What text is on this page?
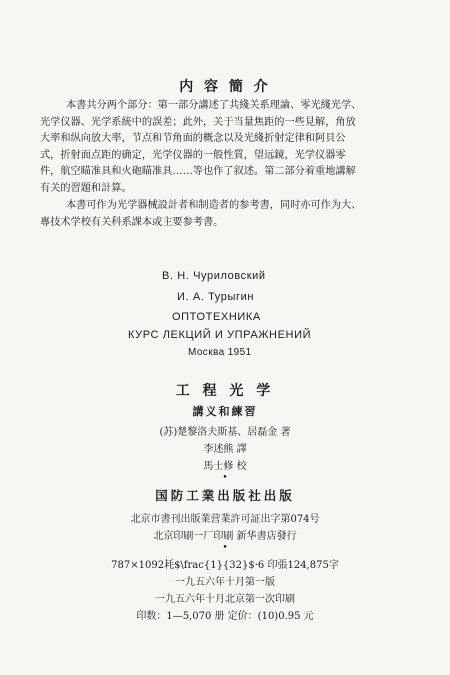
内 容 簡 介

本書共分两个部分：第一部分講述了共綫关系理論、零光綫光学、

光学仪器、光学系統中的誤差；此外，关于当量焦距的一些見解，角放

大率和纵向放大率，节点和节角面的概念以及光綫折射定律和阿貝公

式，折射面点距的确定，光学仪器的一般性質，望远鏡，光学仪器零

件，航空瞄准具和火砲瞄准具……等也作了叙述。第二部分着重地講解

有关的習題和計算。

本書可作为光学器械設計者和制造者的参考書，同时亦可作为大、

專技术学校有关科系課本或主要参考書。

В. Н. Чуриловский
И. А. Турыгин
ОПТОТЕХНИКА
КУРС ЛЕКЦИЙ И УПРАЖНЕНИЙ
Москва 1951
工 程 光 学
講义和練習
(苏)楚黎洛夫斯基、居磊金 著
李述熊 譯
馬士修 校
•
国防工業出版社出版
北京市書刊出版業营業許可証出字第074号
北京印刷一厂印刷 新华書店發行
•
787×1092耗$\frac{1}{32}$·6 印張124,875字
一九五六年十月第一版
一九五六年十月北京第一次印刷
印数：1—5,070 册 定价：(10)0.95 元
